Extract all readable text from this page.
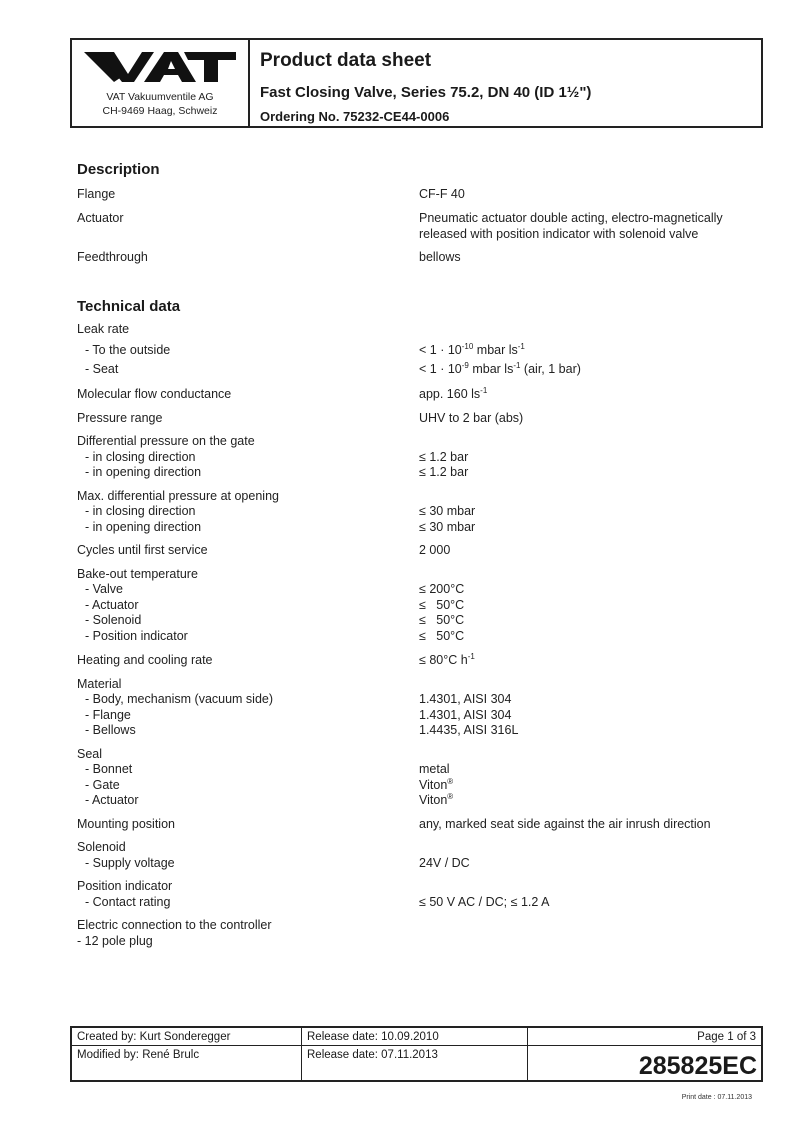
VAT Vakuumventile AG
CH-9469 Haag, Schweiz
Product data sheet
Fast Closing Valve, Series 75.2, DN 40 (ID 1½")
Ordering No. 75232-CE44-0006
Description
Flange	CF-F 40
Actuator	Pneumatic actuator double acting, electro-magnetically released with position indicator with solenoid valve
Feedthrough	bellows
Technical data
Leak rate
- To the outside	< $1 \cdot 10^{-10}$ mbar $ls^{-1}$
- Seat	< $1 \cdot 10^{-9}$ mbar $ls^{-1}$ (air, 1 bar)
Molecular flow conductance	app. 160 $ls^{-1}$
Pressure range	UHV to 2 bar (abs)
Differential pressure on the gate
- in closing direction	≤ 1.2 bar
- in opening direction	≤ 1.2 bar
Max. differential pressure at opening
- in closing direction	≤ 30 mbar
- in opening direction	≤ 30 mbar
Cycles until first service	2 000
Bake-out temperature
- Valve	≤ 200°C
- Actuator	≤   50°C
- Solenoid	≤   50°C
- Position indicator	≤   50°C
Heating and cooling rate	≤ 80°C $h^{-1}$
Material
- Body, mechanism (vacuum side)	1.4301, AISI 304
- Flange	1.4301, AISI 304
- Bellows	1.4435, AISI 316L
Seal
- Bonnet	metal
- Gate	Viton®
- Actuator	Viton®
Mounting position	any, marked seat side against the air inrush direction
Solenoid
- Supply voltage	24V / DC
Position indicator
- Contact rating	≤ 50 V AC / DC; ≤ 1.2 A
Electric connection to the controller
- 12 pole plug
Created by: Kurt Sonderegger	Release date: 10.09.2010	Page 1 of 3
Modified by: René Brulc	Release date: 07.11.2013	285825EC
Print date : 07.11.2013
